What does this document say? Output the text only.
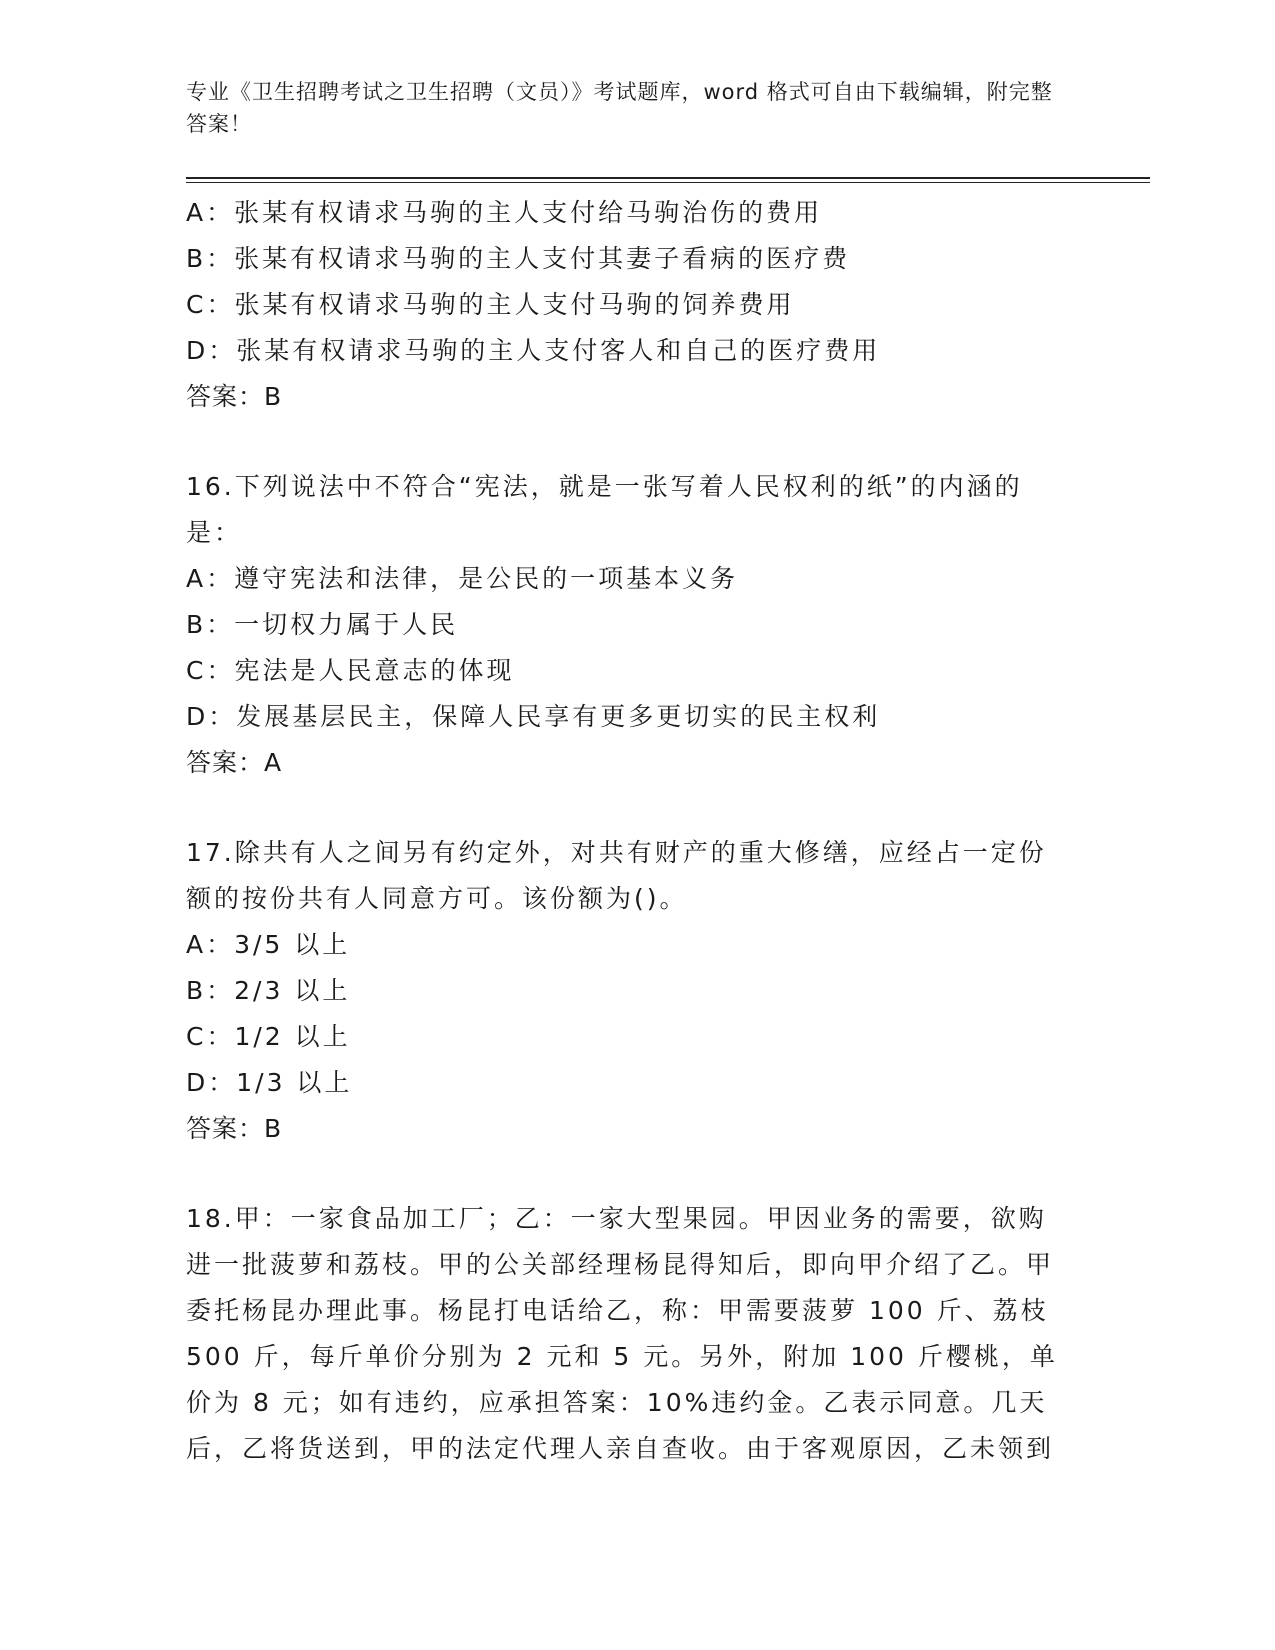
专业《卫生招聘考试之卫生招聘（文员）》考试题库，word 格式可自由下载编辑，附完整答案！
A：张某有权请求马驹的主人支付给马驹治伤的费用
B：张某有权请求马驹的主人支付其妻子看病的医疗费
C：张某有权请求马驹的主人支付马驹的饲养费用
D：张某有权请求马驹的主人支付客人和自己的医疗费用
答案：B
16.下列说法中不符合“宪法，就是一张写着人民权利的纸”的内涵的是：
A：遵守宪法和法律，是公民的一项基本义务
B：一切权力属于人民
C：宪法是人民意志的体现
D：发展基层民主，保障人民享有更多更切实的民主权利
答案：A
17.除共有人之间另有约定外，对共有财产的重大修缮，应经占一定份额的按份共有人同意方可。该份额为()。
A：3/5 以上
B：2/3 以上
C：1/2 以上
D：1/3 以上
答案：B
18.甲：一家食品加工厂；乙：一家大型果园。甲因业务的需要，欲购进一批菠萝和荔枝。甲的公关部经理杨昆得知后，即向甲介绍了乙。甲委托杨昆办理此事。杨昆打电话给乙，称：甲需要菠萝 100 斤、荔枝 500 斤，每斤单价分别为 2 元和 5 元。另外，附加 100 斤樱桃，单价为 8 元；如有违约，应承担答案：10%违约金。乙表示同意。几天后，乙将货送到，甲的法定代理人亲自查收。由于客观原因，乙未领到
